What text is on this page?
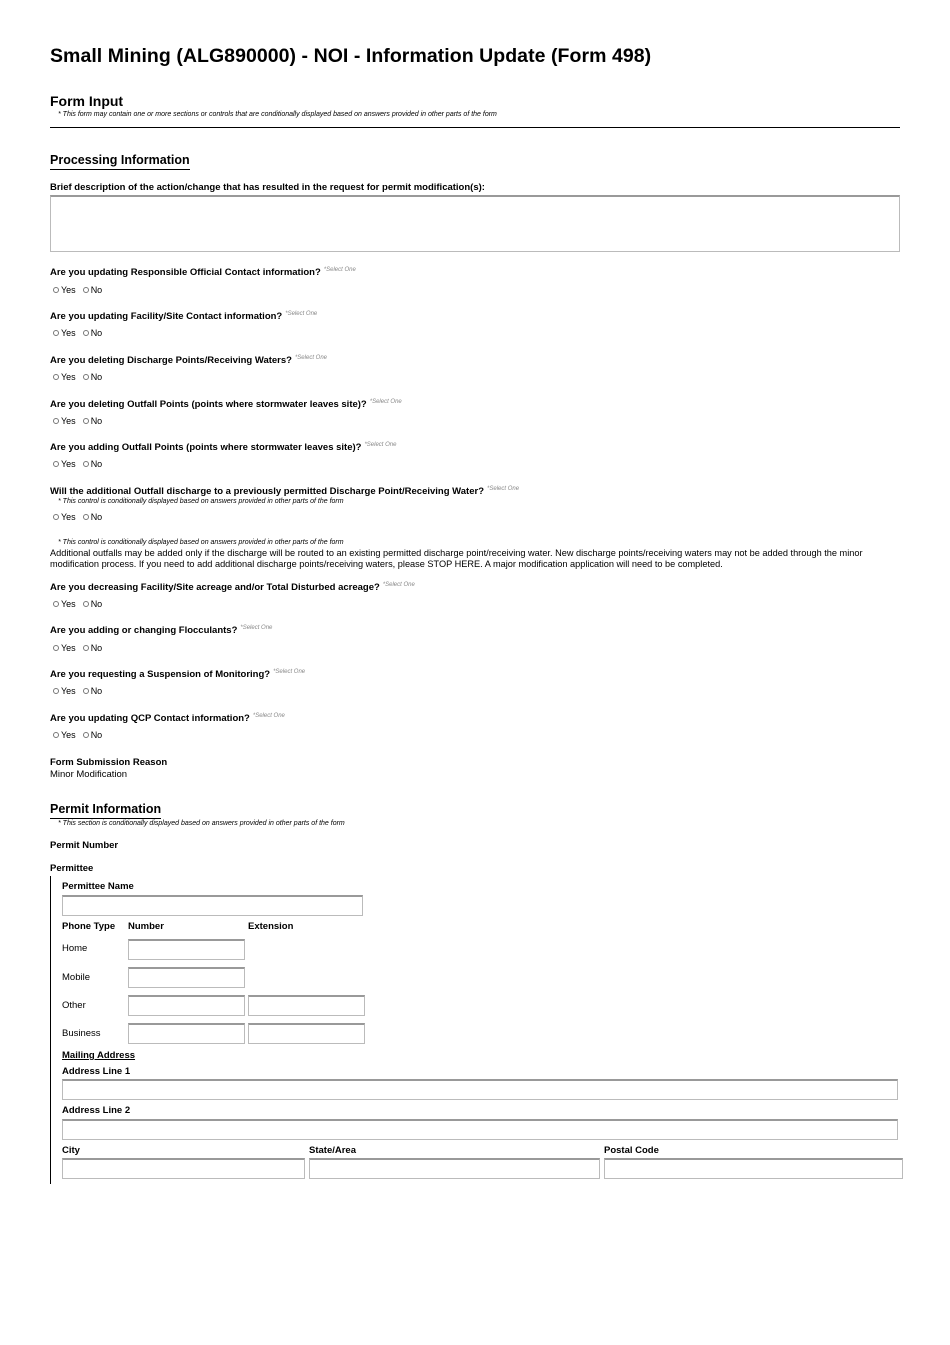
Small Mining (ALG890000) - NOI - Information Update (Form 498)
Form Input
* This form may contain one or more sections or controls that are conditionally displayed based on answers provided in other parts of the form
Processing Information
Brief description of the action/change that has resulted in the request for permit modification(s):
Are you updating Responsible Official Contact information? $^{*Select One}$
Yes No
Are you updating Facility/Site Contact information? $^{*Select One}$
Yes No
Are you deleting Discharge Points/Receiving Waters? $^{*Select One}$
Yes No
Are you deleting Outfall Points (points where stormwater leaves site)? $^{*Select One}$
Yes No
Are you adding Outfall Points (points where stormwater leaves site)? $^{*Select One}$
Yes No
Will the additional Outfall discharge to a previously permitted Discharge Point/Receiving Water? $^{*Select One}$
* This control is conditionally displayed based on answers provided in other parts of the form
Yes No
* This control is conditionally displayed based on answers provided in other parts of the form
Additional outfalls may be added only if the discharge will be routed to an existing permitted discharge point/receiving water. New discharge points/receiving waters may not be added through the minor modification process. If you need to add additional discharge points/receiving waters, please STOP HERE. A major modification application will need to be completed.
Are you decreasing Facility/Site acreage and/or Total Disturbed acreage? $^{*Select One}$
Yes No
Are you adding or changing Flocculants? $^{*Select One}$
Yes No
Are you requesting a Suspension of Monitoring? $^{*Select One}$
Yes No
Are you updating QCP Contact information? $^{*Select One}$
Yes No
Form Submission Reason
Minor Modification
Permit Information
* This section is conditionally displayed based on answers provided in other parts of the form
Permit Number
Permittee
Permittee Name
Phone Type Number	Extension
Home
Mobile
Other
Business
Mailing Address
Address Line 1
Address Line 2
City	State/Area	Postal Code
